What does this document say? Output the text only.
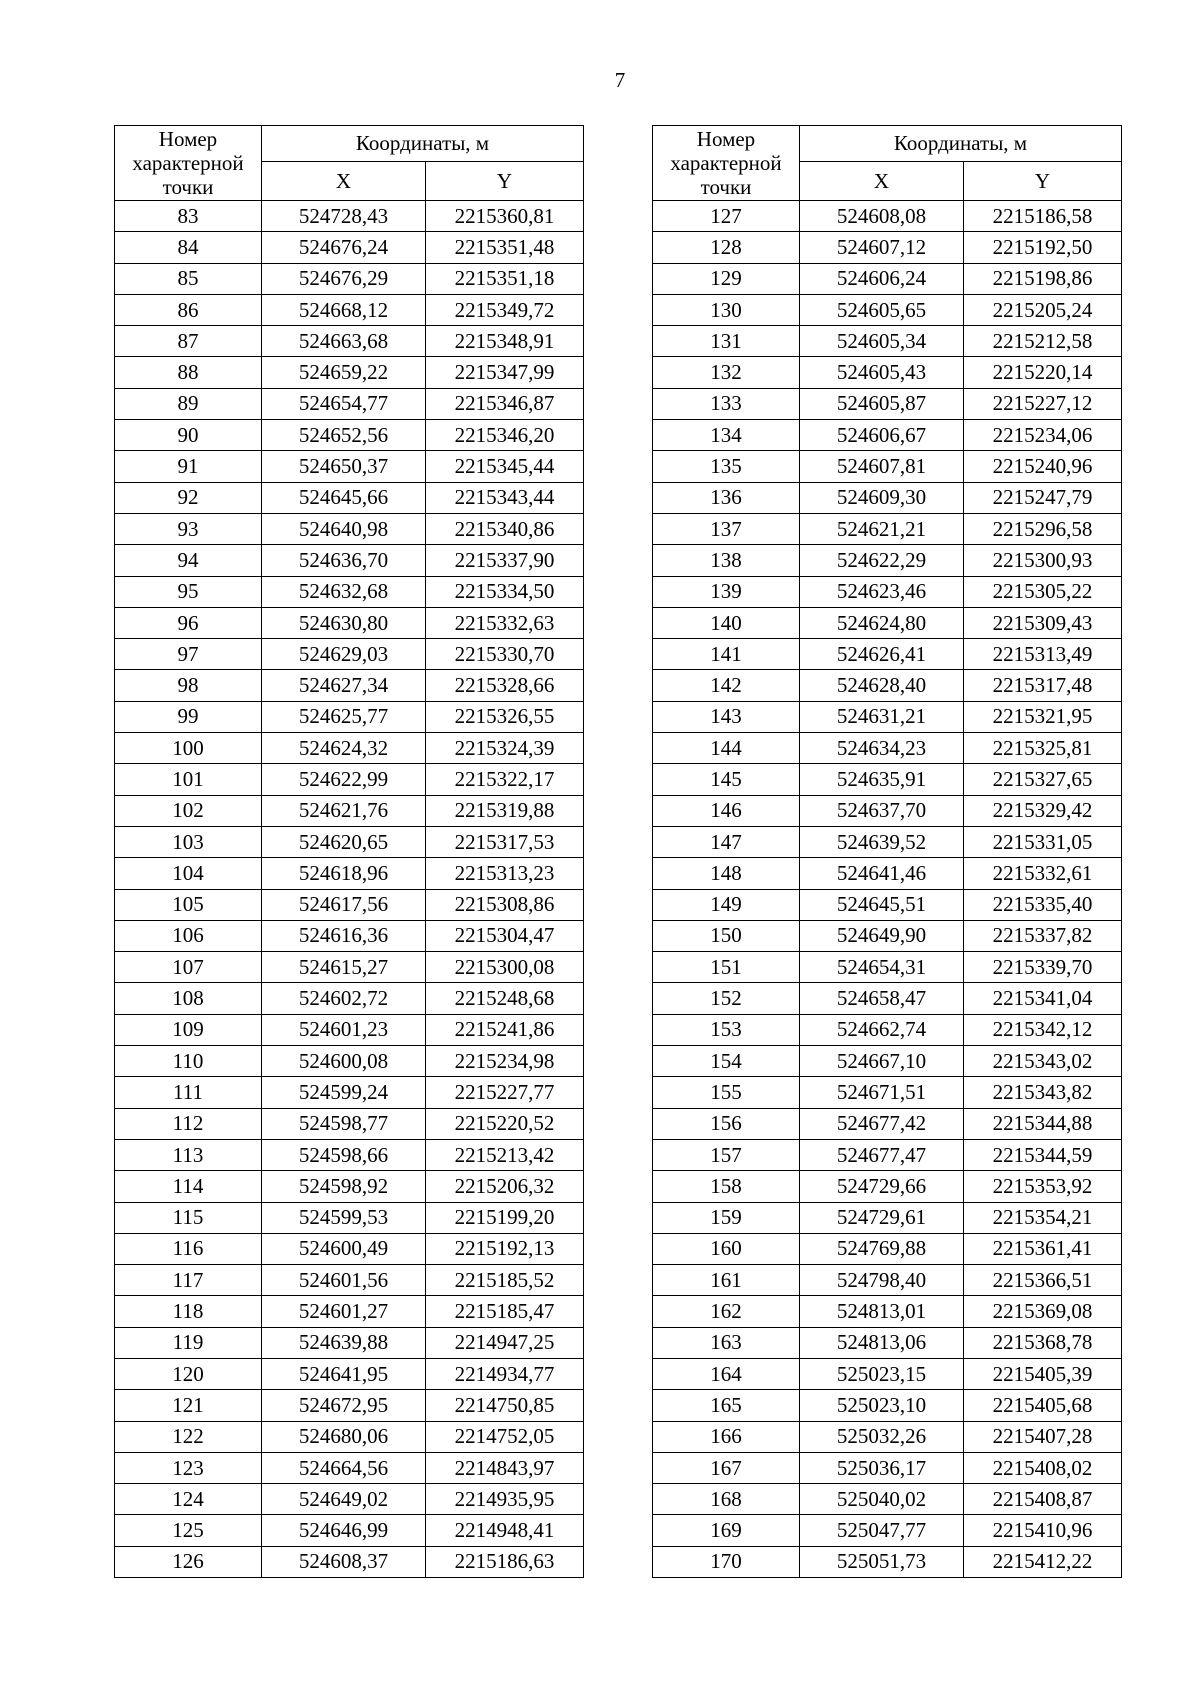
7
Номер характерной точки	Координаты, м	
	X	Y
83	524728,43	2215360,81
84	524676,24	2215351,48
85	524676,29	2215351,18
86	524668,12	2215349,72
87	524663,68	2215348,91
88	524659,22	2215347,99
89	524654,77	2215346,87
90	524652,56	2215346,20
91	524650,37	2215345,44
92	524645,66	2215343,44
93	524640,98	2215340,86
94	524636,70	2215337,90
95	524632,68	2215334,50
96	524630,80	2215332,63
97	524629,03	2215330,70
98	524627,34	2215328,66
99	524625,77	2215326,55
100	524624,32	2215324,39
101	524622,99	2215322,17
102	524621,76	2215319,88
103	524620,65	2215317,53
104	524618,96	2215313,23
105	524617,56	2215308,86
106	524616,36	2215304,47
107	524615,27	2215300,08
108	524602,72	2215248,68
109	524601,23	2215241,86
110	524600,08	2215234,98
111	524599,24	2215227,77
112	524598,77	2215220,52
113	524598,66	2215213,42
114	524598,92	2215206,32
115	524599,53	2215199,20
116	524600,49	2215192,13
117	524601,56	2215185,52
118	524601,27	2215185,47
119	524639,88	2214947,25
120	524641,95	2214934,77
121	524672,95	2214750,85
122	524680,06	2214752,05
123	524664,56	2214843,97
124	524649,02	2214935,95
125	524646,99	2214948,41
126	524608,37	2215186,63
Номер характерной точки	Координаты, м	
	X	Y
127	524608,08	2215186,58
128	524607,12	2215192,50
129	524606,24	2215198,86
130	524605,65	2215205,24
131	524605,34	2215212,58
132	524605,43	2215220,14
133	524605,87	2215227,12
134	524606,67	2215234,06
135	524607,81	2215240,96
136	524609,30	2215247,79
137	524621,21	2215296,58
138	524622,29	2215300,93
139	524623,46	2215305,22
140	524624,80	2215309,43
141	524626,41	2215313,49
142	524628,40	2215317,48
143	524631,21	2215321,95
144	524634,23	2215325,81
145	524635,91	2215327,65
146	524637,70	2215329,42
147	524639,52	2215331,05
148	524641,46	2215332,61
149	524645,51	2215335,40
150	524649,90	2215337,82
151	524654,31	2215339,70
152	524658,47	2215341,04
153	524662,74	2215342,12
154	524667,10	2215343,02
155	524671,51	2215343,82
156	524677,42	2215344,88
157	524677,47	2215344,59
158	524729,66	2215353,92
159	524729,61	2215354,21
160	524769,88	2215361,41
161	524798,40	2215366,51
162	524813,01	2215369,08
163	524813,06	2215368,78
164	525023,15	2215405,39
165	525023,10	2215405,68
166	525032,26	2215407,28
167	525036,17	2215408,02
168	525040,02	2215408,87
169	525047,77	2215410,96
170	525051,73	2215412,22
